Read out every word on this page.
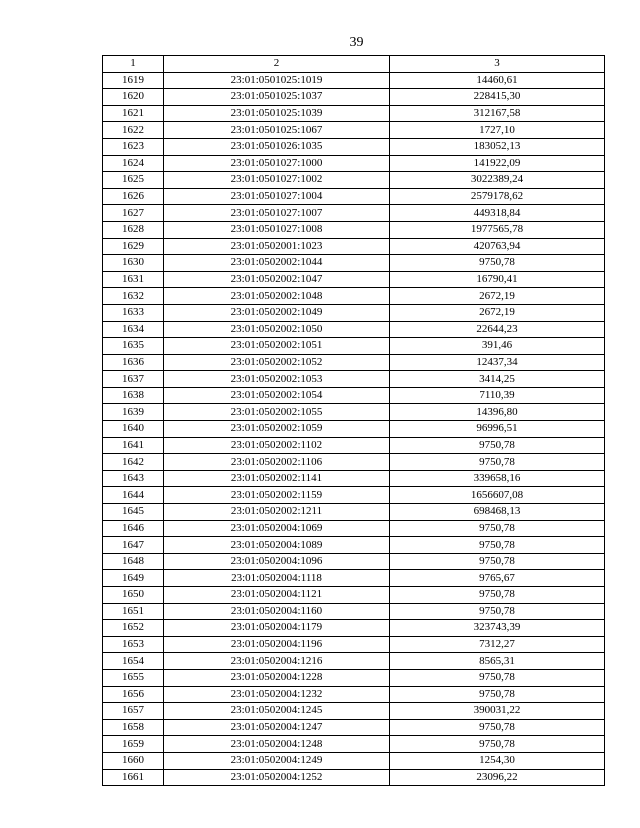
39
1	2	3
1619	23:01:0501025:1019	14460,61
1620	23:01:0501025:1037	228415,30
1621	23:01:0501025:1039	312167,58
1622	23:01:0501025:1067	1727,10
1623	23:01:0501026:1035	183052,13
1624	23:01:0501027:1000	141922,09
1625	23:01:0501027:1002	3022389,24
1626	23:01:0501027:1004	2579178,62
1627	23:01:0501027:1007	449318,84
1628	23:01:0501027:1008	1977565,78
1629	23:01:0502001:1023	420763,94
1630	23:01:0502002:1044	9750,78
1631	23:01:0502002:1047	16790,41
1632	23:01:0502002:1048	2672,19
1633	23:01:0502002:1049	2672,19
1634	23:01:0502002:1050	22644,23
1635	23:01:0502002:1051	391,46
1636	23:01:0502002:1052	12437,34
1637	23:01:0502002:1053	3414,25
1638	23:01:0502002:1054	7110,39
1639	23:01:0502002:1055	14396,80
1640	23:01:0502002:1059	96996,51
1641	23:01:0502002:1102	9750,78
1642	23:01:0502002:1106	9750,78
1643	23:01:0502002:1141	339658,16
1644	23:01:0502002:1159	1656607,08
1645	23:01:0502002:1211	698468,13
1646	23:01:0502004:1069	9750,78
1647	23:01:0502004:1089	9750,78
1648	23:01:0502004:1096	9750,78
1649	23:01:0502004:1118	9765,67
1650	23:01:0502004:1121	9750,78
1651	23:01:0502004:1160	9750,78
1652	23:01:0502004:1179	323743,39
1653	23:01:0502004:1196	7312,27
1654	23:01:0502004:1216	8565,31
1655	23:01:0502004:1228	9750,78
1656	23:01:0502004:1232	9750,78
1657	23:01:0502004:1245	390031,22
1658	23:01:0502004:1247	9750,78
1659	23:01:0502004:1248	9750,78
1660	23:01:0502004:1249	1254,30
1661	23:01:0502004:1252	23096,22
